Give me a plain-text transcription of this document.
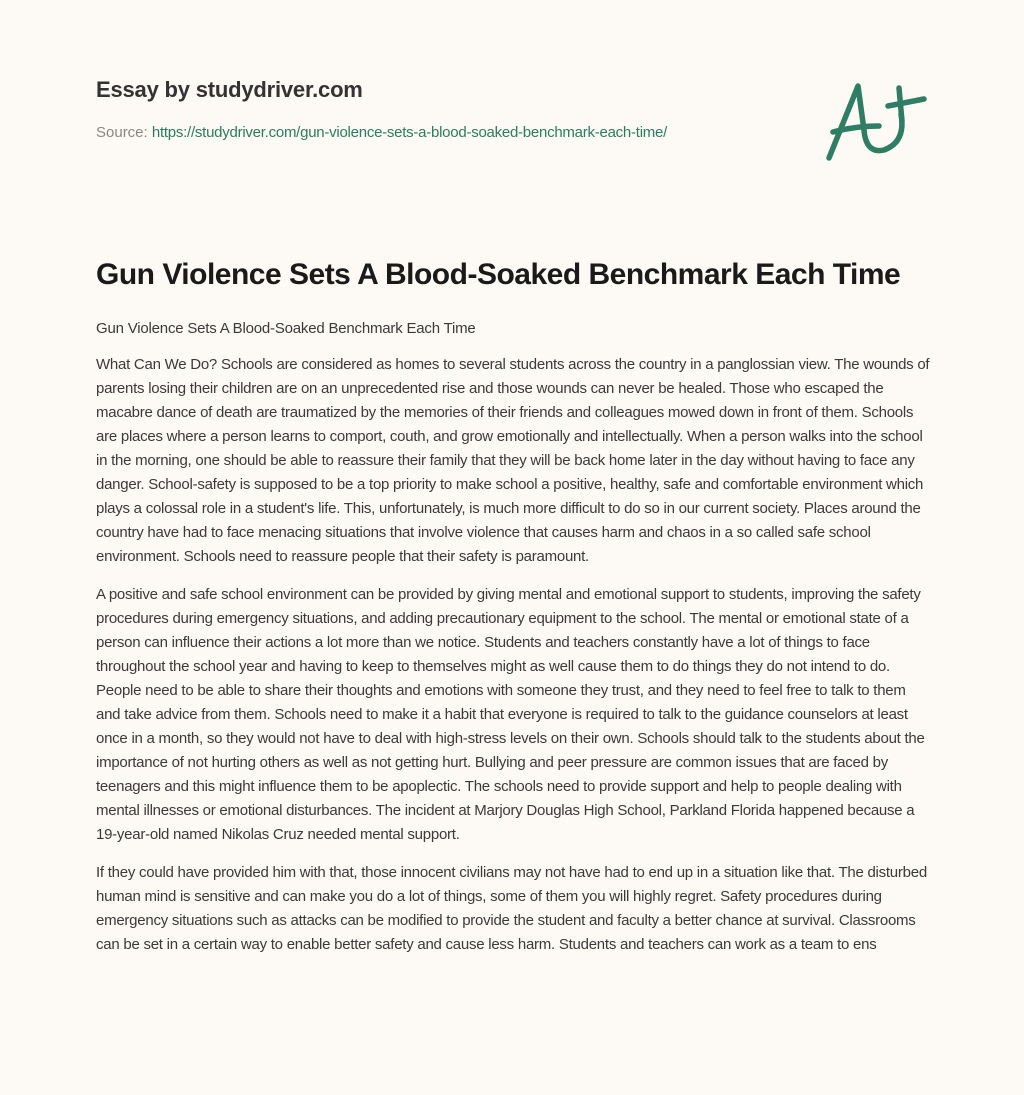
Essay by studydriver.com
Source: https://studydriver.com/gun-violence-sets-a-blood-soaked-benchmark-each-time/
Gun Violence Sets A Blood-Soaked Benchmark Each Time

Gun Violence Sets A Blood-Soaked Benchmark Each Time

What Can We Do? Schools are considered as homes to several students across the country in a panglossian view. The wounds of parents losing their children are on an unprecedented rise and those wounds can never be healed. Those who escaped the macabre dance of death are traumatized by the memories of their friends and colleagues mowed down in front of them. Schools are places where a person learns to comport, couth, and grow emotionally and intellectually. When a person walks into the school in the morning, one should be able to reassure their family that they will be back home later in the day without having to face any danger. School-safety is supposed to be a top priority to make school a positive, healthy, safe and comfortable environment which plays a colossal role in a student's life. This, unfortunately, is much more difficult to do so in our current society. Places around the country have had to face menacing situations that involve violence that causes harm and chaos in a so called safe school environment. Schools need to reassure people that their safety is paramount.

A positive and safe school environment can be provided by giving mental and emotional support to students, improving the safety procedures during emergency situations, and adding precautionary equipment to the school. The mental or emotional state of a person can influence their actions a lot more than we notice. Students and teachers constantly have a lot of things to face throughout the school year and having to keep to themselves might as well cause them to do things they do not intend to do. People need to be able to share their thoughts and emotions with someone they trust, and they need to feel free to talk to them and take advice from them. Schools need to make it a habit that everyone is required to talk to the guidance counselors at least once in a month, so they would not have to deal with high-stress levels on their own. Schools should talk to the students about the importance of not hurting others as well as not getting hurt. Bullying and peer pressure are common issues that are faced by teenagers and this might influence them to be apoplectic. The schools need to provide support and help to people dealing with mental illnesses or emotional disturbances. The incident at Marjory Douglas High School, Parkland Florida happened because a 19-year-old named Nikolas Cruz needed mental support.

If they could have provided him with that, those innocent civilians may not have had to end up in a situation like that. The disturbed human mind is sensitive and can make you do a lot of things, some of them you will highly regret. Safety procedures during emergency situations such as attacks can be modified to provide the student and faculty a better chance at survival. Classrooms can be set in a certain way to enable better safety and cause less harm. Students and teachers can work as a team to ens
